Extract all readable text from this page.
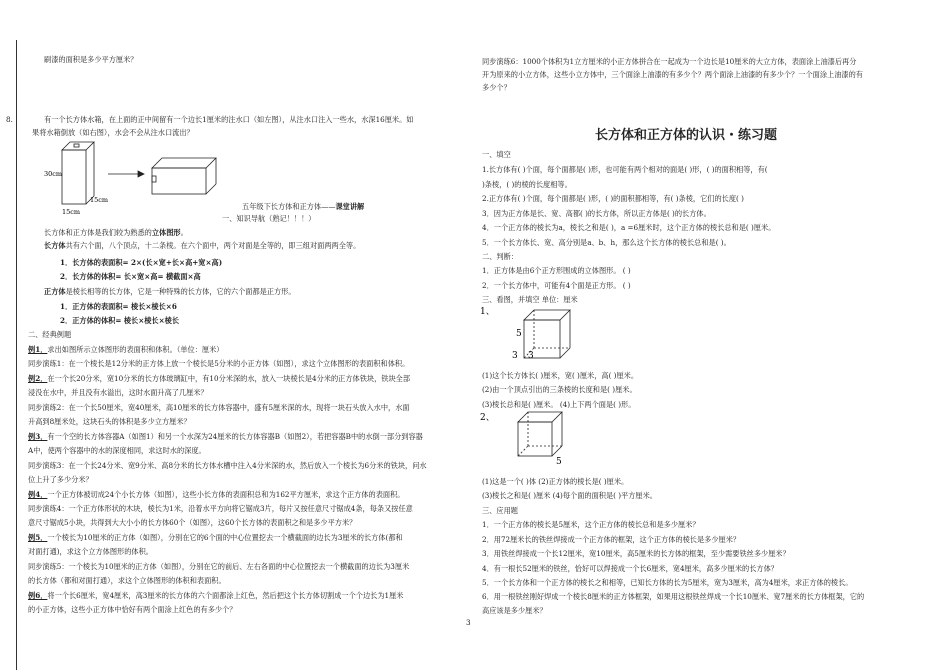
刷漆的面积是多少平方厘米？
8.	有一个长方体水箱，在上面的正中间留有一个边长1厘米的注水口（如左图），从注水口注入一些水，水深16厘米。如
果将水箱倒放（如右图），水会不会从注水口流出？
30cm
15cm
15cm
五年级下长方体和正方体——课堂讲解
一、知识导航（熟记！！！）
长方体和正方体是我们较为熟悉的立体图形。
长方体共有六个面，八个顶点，十二条棱。在六个面中，两个对面是全等的，即三组对面两两全等。
1．长方体的表面积= 2×(长×宽+长×高+宽×高)
2．长方体的体积= 长×宽×高= 横截面×高
正方体是棱长相等的长方体，它是一种特殊的长方体，它的六个面都是正方形。
1．正方体的表面积= 棱长×棱长×6
2．正方体的体积= 棱长×棱长×棱长
二、经典例题
例1．求出如图所示立体图形的表面积和体积。（单位：厘米）
同步演练1：在一个棱长是12分米的正方体上放一个棱长是5分米的小正方体（如图），求这个立体图形的表面积和体积。
例2．在一个长20分米，宽10分米的长方体玻璃缸中，有10分米深的水，放入一块棱长是4分米的正方体铁块，铁块全部
浸没在水中，并且没有水溢出，这时水面升高了几厘米？
同步演练2：在一个长50厘米，宽40厘米，高10厘米的长方体容器中，盛有5厘米深的水，现将一块石头放入水中，水面
升高到8厘米处，这块石头的体积是多少立方厘米？
例3．有一个空的长方体容器A（如图1）和另一个水深为24厘米的长方体容器B（如图2），若把容器B中的水倒一部分到容器
A中，使两个容器中的水的深度相同，求这时水的深度。
同步演练3：在一个长24分米、宽9分米、高8分米的长方体水槽中注入4分米深的水，然后放入一个棱长为6分米的铁块，问水
位上升了多少分米？
例4．一个正方体被切成24个小长方体（如图），这些小长方体的表面积总和为162平方厘米，求这个正方体的表面积。
同步演练4：一个正方体形状的木块，棱长为1米，沿着水平方向将它锯成3片，每片又按任意尺寸锯成4条，每条又按任意
意尺寸锯成5小块，共得到大大小小的长方体60个（如图），这60个长方体的表面积之和是多少平方米？
例5．一个棱长为10厘米的正方体（如图），分别在它的6个面的中心位置挖去一个横截面的边长为3厘米的长方体(都和
对面打通)，求这个立方体图形的体积。
同步演练5：一个棱长为10厘米的正方体（如图），分别在它的前后、左右各面的中心位置挖去一个横截面的边长为3厘米
的长方体（都和对面打通），求这个立体图形的体积和表面积。
例6．将一个长6厘米，宽4厘米，高3厘米的长方体的六个面都涂上红色，然后把这个长方体切割成一个个边长为1厘米
的小正方体，这些小正方体中恰好有两个面涂上红色的有多少个？
同步演练6：1000个体积为1立方厘米的小正方体拼合在一起成为一个边长是10厘米的大立方体，表面涂上油漆后再分
开为原来的小立方体，这些小立方体中，三个面涂上油漆的有多少个？两个面涂上油漆的有多少个？一个面涂上油漆的有
多少个？
长方体和正方体的认识・练习题
一、填空
1.长方体有( )个面，每个面都是( )形，也可能有两个相对的面是( )形，( )的面积相等，有(
)条棱，( )的棱的长度相等。
2.正方体有( )个面，每个面都是( )形，( )的面积都相等，有( )条棱，它们的长度( )
3．因为正方体是长、宽、高都( )的长方体，所以正方体是( )的长方体。
4．一个正方体的棱长为a，棱长之和是( )，a =6厘米时，这个正方体的棱长总和是( )厘米。
5．一个长方体长、宽、高分别是a、b、h，那么这个长方体的棱长总和是( )。
二、判断：
1．正方体是由6个正方形围成的立体图形。 ( )
2．一个长方体中，可能有4个面是正方形。 ( )
三、看图，并填空 单位：厘米
1、
5
3 3
(1)这个长方体长( )厘米，宽( )厘米，高( )厘米。
(2)由一个顶点引出的三条棱的长度和是( )厘米。
(3)棱长总和是( )厘米。 (4)上下两个面是( )形。
2、
5
(1)这是一个( )体 (2)正方体的棱长是( )厘米。
(3)棱长之和是( )厘米 (4)每个面的面积是( )平方厘米。
三、应用题
1．一个正方体的棱长是5厘米，这个正方体的棱长总和是多少厘米？
2．用72厘米长的铁丝焊接成一个正方体的框架，这个正方体的棱长是多少厘米？
3．用铁丝焊接成一个长12厘米，宽10厘米，高5厘米的长方体的框架，至少需要铁丝多少厘米？
4．有一根长52厘米的铁丝，恰好可以焊接成一个长6厘米，宽4厘米，高多少厘米的长方体？
5．一个长方体和一个正方体的棱长之和相等，已知长方体的长为5厘米，宽为3厘米，高为4厘米，求正方体的棱长。
6．用一根铁丝刚好焊成一个棱长8厘米的正方体框架，如果用这根铁丝焊成一个长10厘米、宽7厘米的长方体框架，它的
高应该是多少厘米？
3
